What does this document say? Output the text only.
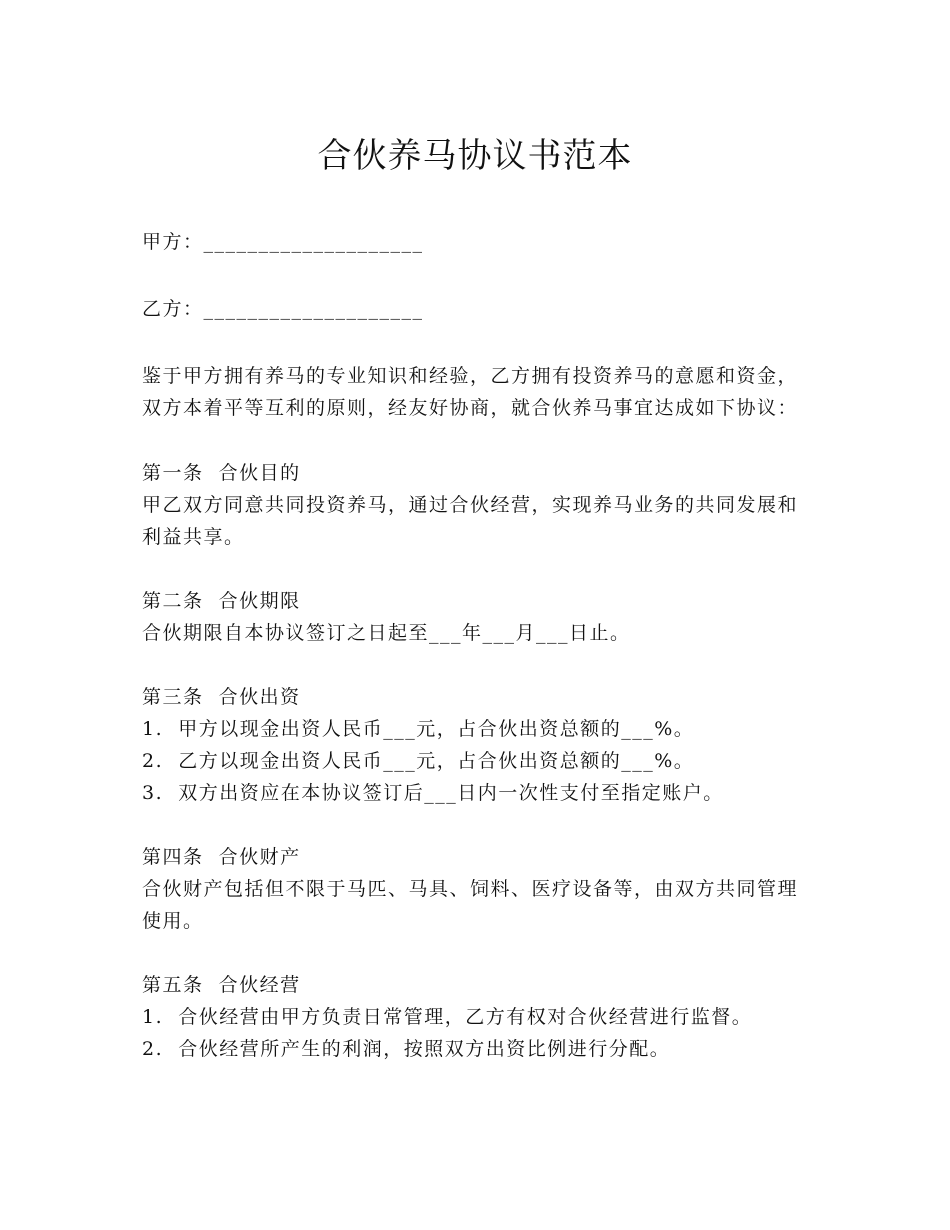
合伙养马协议书范本

甲方：____________________

乙方：____________________

鉴于甲方拥有养马的专业知识和经验，乙方拥有投资养马的意愿和资金，双方本着平等互利的原则，经友好协商，就合伙养马事宜达成如下协议：

第一条  合伙目的

甲乙双方同意共同投资养马，通过合伙经营，实现养马业务的共同发展和利益共享。

第二条  合伙期限

合伙期限自本协议签订之日起至___年___月___日止。

第三条  合伙出资

1.  甲方以现金出资人民币___元，占合伙出资总额的___%。

2.  乙方以现金出资人民币___元，占合伙出资总额的___%。

3.  双方出资应在本协议签订后___日内一次性支付至指定账户。

第四条  合伙财产

合伙财产包括但不限于马匹、马具、饲料、医疗设备等，由双方共同管理使用。

第五条  合伙经营

1.  合伙经营由甲方负责日常管理，乙方有权对合伙经营进行监督。

2.  合伙经营所产生的利润，按照双方出资比例进行分配。
